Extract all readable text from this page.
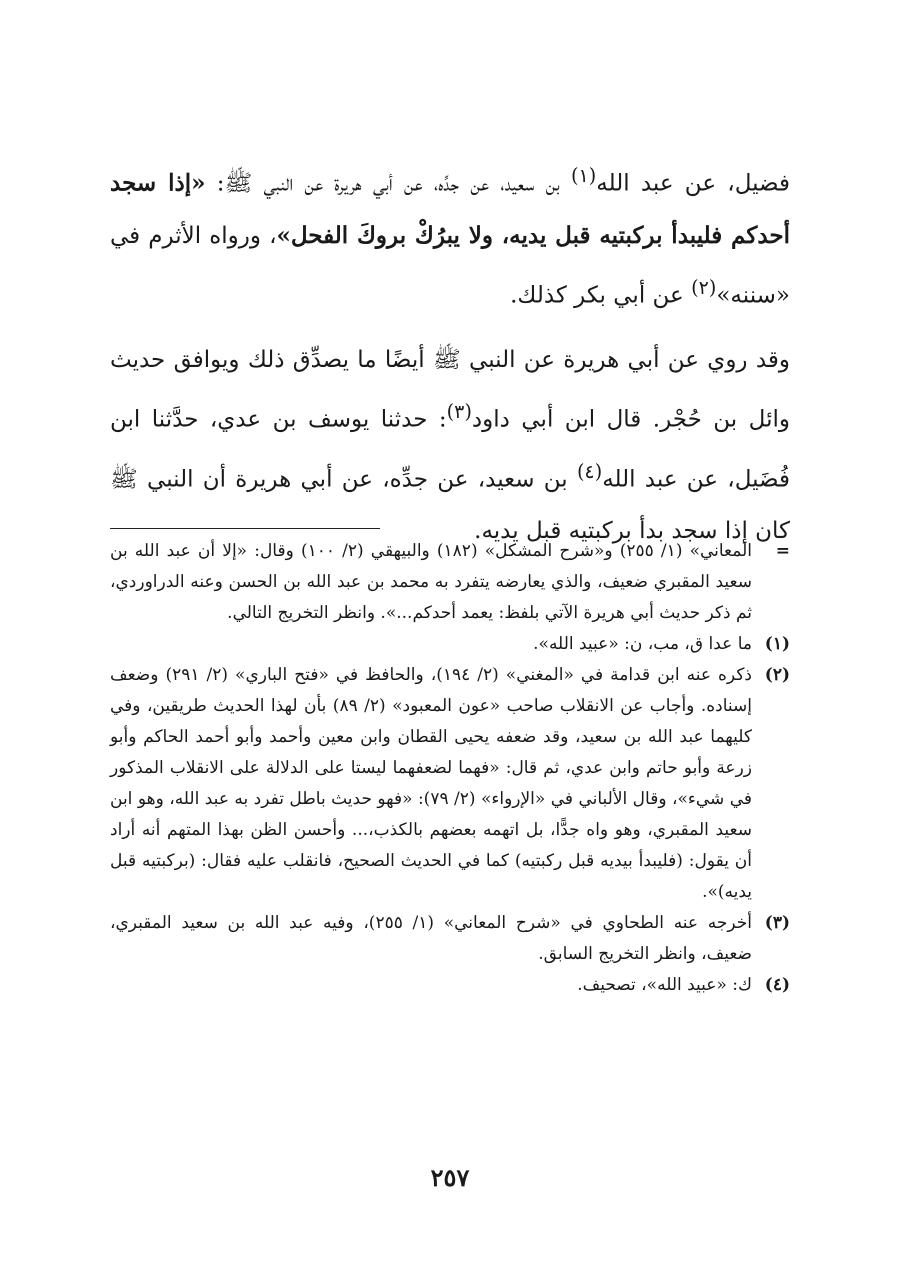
فضيل، عن عبد الله$^{(١)}$ بن سعيد، عن جدِّه، عن أبي هريرة عن النبي ﷺ: «إذا سجد أحدكم فليبدأ بركبتيه قبل يديه، ولا يبرُكْ بروكَ الفحل»، ورواه الأثرم في «سننه»$^{(٢)}$ عن أبي بكر كذلك.

وقد روي عن أبي هريرة عن النبي ﷺ أيضًا ما يصدِّق ذلك ويوافق حديث وائل بن حُجْر. قال ابن أبي داود$^{(٣)}$: حدثنا يوسف بن عدي، حدَّثنا ابن فُضَيل، عن عبد الله$^{(٤)}$ بن سعيد، عن جدِّه، عن أبي هريرة أن النبي ﷺ كان إذا سجد بدأ بركبتيه قبل يديه.

=
المعاني» (١/ ٢٥٥) و«شرح المشكل» (١٨٢) والبيهقي (٢/ ١٠٠) وقال: «إلا أن عبد الله بن سعيد المقبري ضعيف، والذي يعارضه يتفرد به محمد بن عبد الله بن الحسن وعنه الدراوردي، ثم ذكر حديث أبي هريرة الآتي بلفظ: يعمد أحدكم...». وانظر التخريج التالي.
(١)
ما عدا ق، مب، ن: «عبيد الله».
(٢)
ذكره عنه ابن قدامة في «المغني» (٢/ ١٩٤)، والحافظ في «فتح الباري» (٢/ ٢٩١) وضعف إسناده. وأجاب عن الانقلاب صاحب «عون المعبود» (٢/ ٨٩) بأن لهذا الحديث طريقين، وفي كليهما عبد الله بن سعيد، وقد ضعفه يحيى القطان وابن معين وأحمد وأبو أحمد الحاكم وأبو زرعة وأبو حاتم وابن عدي، ثم قال: «فهما لضعفهما ليستا على الدلالة على الانقلاب المذكور في شيء»، وقال الألباني في «الإرواء» (٢/ ٧٩): «فهو حديث باطل تفرد به عبد الله، وهو ابن سعيد المقبري، وهو واه جدًّا، بل اتهمه بعضهم بالكذب،... وأحسن الظن بهذا المتهم أنه أراد أن يقول: (فليبدأ بيديه قبل ركبتيه) كما في الحديث الصحيح، فانقلب عليه فقال: (بركبتيه قبل يديه)».
(٣)
أخرجه عنه الطحاوي في «شرح المعاني» (١/ ٢٥٥)، وفيه عبد الله بن سعيد المقبري، ضعيف، وانظر التخريج السابق.
(٤)
ك: «عبيد الله»، تصحيف.
٢٥٧
